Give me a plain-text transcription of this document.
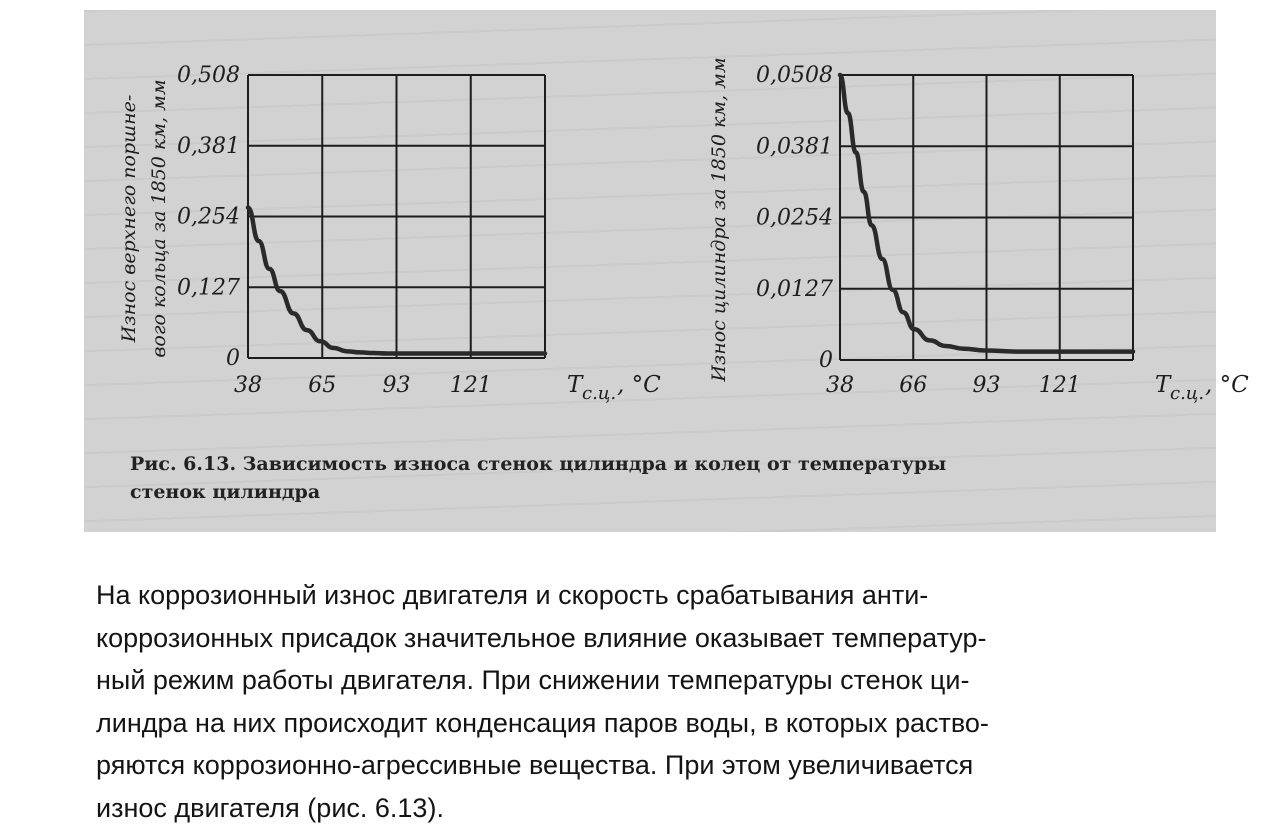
0
0,127
0,254
0,381
0,508
38 65 93 121	T с.ц. , °С
Износ верхнего поршне- вого кольца за 1850 км, мм
0
0,0127
0,0254
0,0381
0,0508
38 66 93 121	T с.ц. , °С
Износ цилиндра за 1850 км, мм
Рис. 6.13. Зависимость износа стенок цилиндра и колец от температуры
стенок цилиндра
На коррозионный износ двигателя и скорость срабатывания анти-
коррозионных присадок значительное влияние оказывает температур-
ный режим работы двигателя. При снижении температуры стенок ци-
линдра на них происходит конденсация паров воды, в которых раство-
ряются коррозионно-агрессивные вещества. При этом увеличивается
износ двигателя (рис. 6.13).
